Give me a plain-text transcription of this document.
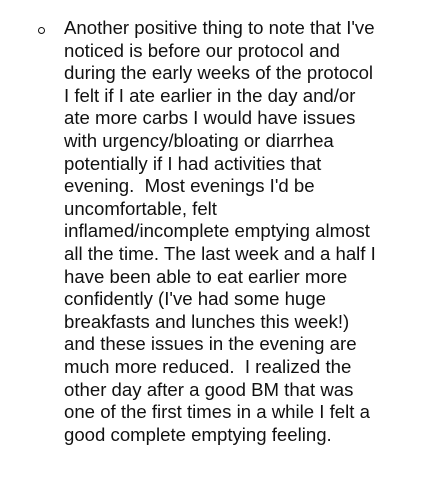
Another positive thing to note that I've
noticed is before our protocol and
during the early weeks of the protocol
I felt if I ate earlier in the day and/or
ate more carbs I would have issues
with urgency/bloating or diarrhea
potentially if I had activities that
evening.  Most evenings I'd be
uncomfortable, felt
inflamed/incomplete emptying almost
all the time. The last week and a half I
have been able to eat earlier more
confidently (I've had some huge
breakfasts and lunches this week!)
and these issues in the evening are
much more reduced.  I realized the
other day after a good BM that was
one of the first times in a while I felt a
good complete emptying feeling.
